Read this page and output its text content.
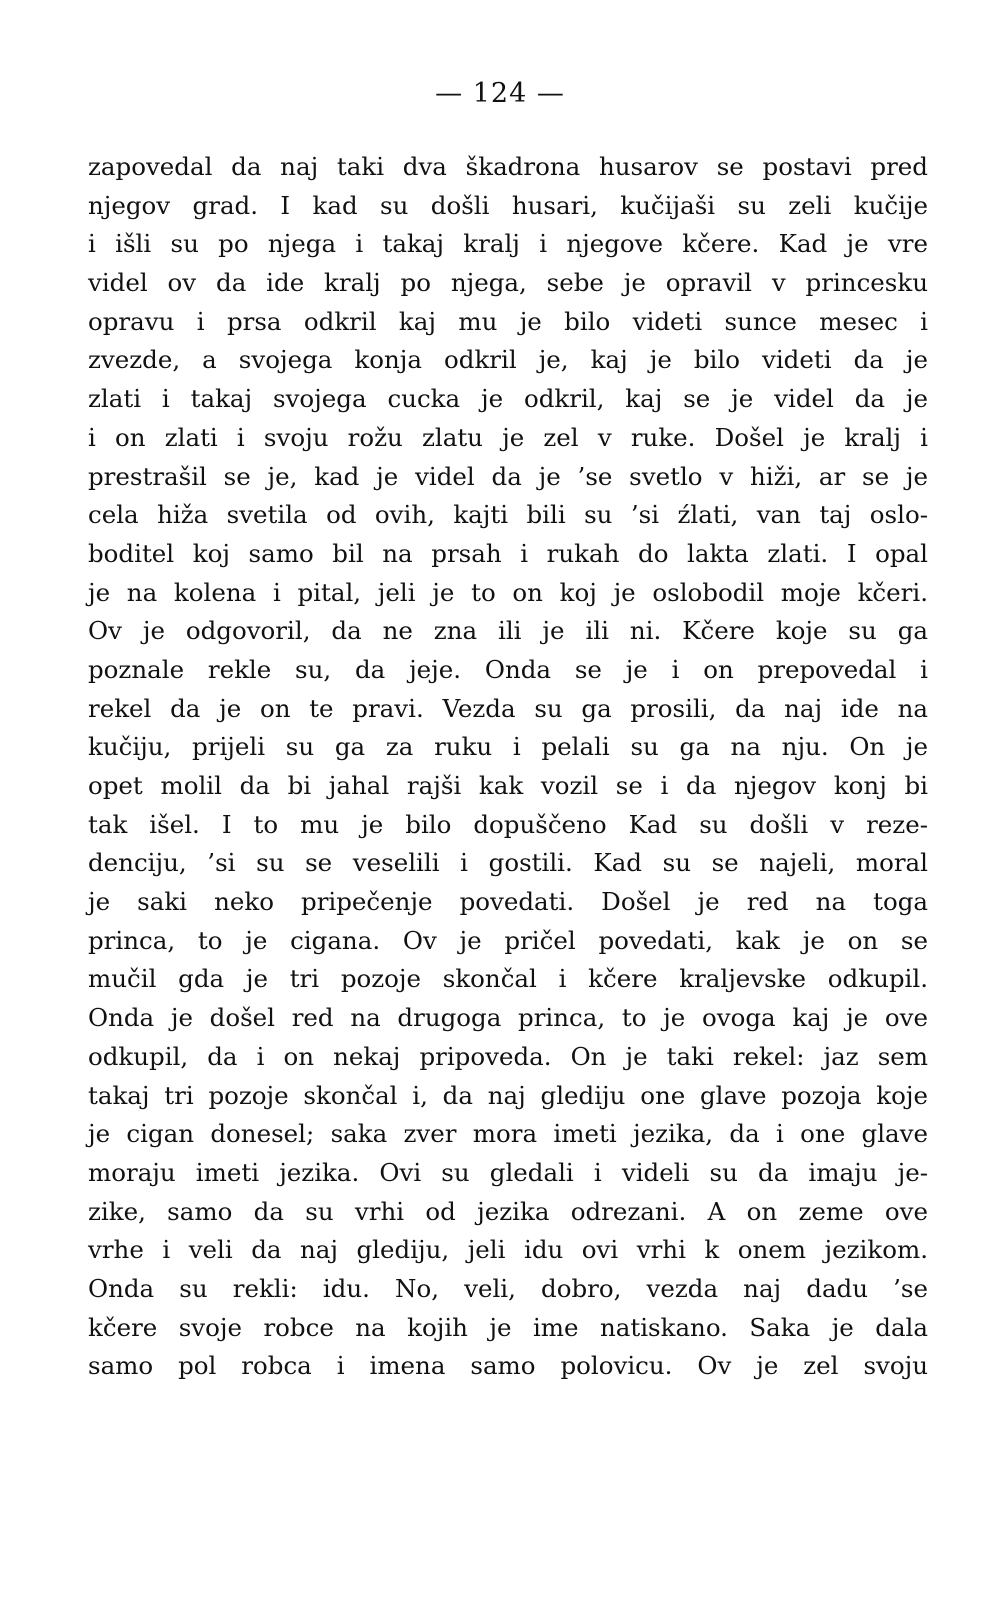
— 124 —
zapovedal da naj taki dva škadrona husarov se postavi pred
njegov grad. I kad su došli husari, kučijaši su zeli kučije
i išli su po njega i takaj kralj i njegove kčere. Kad je vre
videl ov da ide kralj po njega, sebe je opravil v princesku
opravu i prsa odkril kaj mu je bilo videti sunce mesec i
zvezde, a svojega konja odkril je, kaj je bilo videti da je
zlati i takaj svojega cucka je odkril, kaj se je videl da je
i on zlati i svoju rožu zlatu je zel v ruke. Došel je kralj i
prestrašil se je, kad je videl da je ’se svetlo v hiži, ar se je
cela hiža svetila od ovih, kajti bili su ’si źlati, van taj oslo-
boditel koj samo bil na prsah i rukah do lakta zlati. I opal
je na kolena i pital, jeli je to on koj je oslobodil moje kčeri.
Ov je odgovoril, da ne zna ili je ili ni. Kčere koje su ga
poznale rekle su, da jeje. Onda se je i on prepovedal i
rekel da je on te pravi. Vezda su ga prosili, da naj ide na
kučiju, prijeli su ga za ruku i pelali su ga na nju. On je
opet molil da bi jahal rajši kak vozil se i da njegov konj bi
tak išel. I to mu je bilo dopuščeno Kad su došli v reze-
denciju, ’si su se veselili i gostili. Kad su se najeli, moral
je saki neko pripečenje povedati. Došel je red na toga
princa, to je cigana. Ov je pričel povedati, kak je on se
mučil gda je tri pozoje skončal i kčere kraljevske odkupil.
Onda je došel red na drugoga princa, to je ovoga kaj je ove
odkupil, da i on nekaj pripoveda. On je taki rekel: jaz sem
takaj tri pozoje skončal i, da naj glediju one glave pozoja koje
je cigan donesel; saka zver mora imeti jezika, da i one glave
moraju imeti jezika. Ovi su gledali i videli su da imaju je-
zike, samo da su vrhi od jezika odrezani. A on zeme ove
vrhe i veli da naj glediju, jeli idu ovi vrhi k onem jezikom.
Onda su rekli: idu. No, veli, dobro, vezda naj dadu ’se
kčere svoje robce na kojih je ime natiskano. Saka je dala
samo pol robca i imena samo polovicu. Ov je zel svoju
